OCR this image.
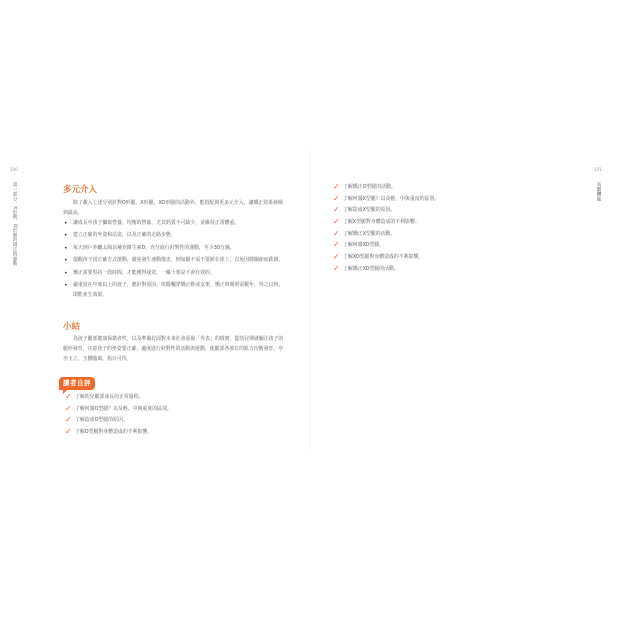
100
第一部分：X形腿、O形腿的矯正與運動	多元介入

除了載入上述分別針對O形腿、X形腿、XO形腿的活動外，能搭配與更多元介入，讓矯正效果發揮到最高。

• 讓成長中孩子攝取營養，均衡的營養，尤其鈣質不可缺少，並維持正常體重。
• 建立正確的坐姿和站姿，以及正確的走路步態。
• 每天到戶外曬太陽以補充維生素D，充分進行針對性的運動，至少30分鐘。
• 提醒孩子用正確方式運動，避免發生運動傷害，例如腿不需不要跨在球上，以免因膝關節而跌倒。
• 矯正需要堅持一段時間，才能獲得成效，一曝十寒是不會有效的。
• 嚴重度在中度以上的孩子，應針對原因，依醫囑穿矯正鞋或支架，矯正時間則需數年，待之以恆，即能產生效果。
小結

為孩子腿部健康保衛者性，以及準備好面對未來社會重視「外表」的現實，從幼兒期就關注孩子的腿形發育，注意孩子的坐姿要正確，適度進行針對性的活動與運動，使腿部各部位的肌力均衡發育，亭亭玉立、玉樹臨風，指日可待。

讀者自評
✓ 了解幼兒腿部成長的正常過程。
✓ 了解何謂O型腿？以及輕、中與重度的區別。
✓ 了解造成O型腿的原因。
✓ 了解O型腿對身體造成的不利影響。
✓ 了解矯正O型腿的活動。
✓ 了解何謂X型腿？以及輕、中與重度的區別。
✓ 了解造成X型腿的原因。
✓ 了解X型腿對身體造成的不利影響。
✓ 了解矯正X型腿的活動。
✓ 了解何謂XO型腿。
✓ 了解XO型腿對身體造成的不利影響。
✓ 了解矯正XO型腿的活動。
101
長期體能
